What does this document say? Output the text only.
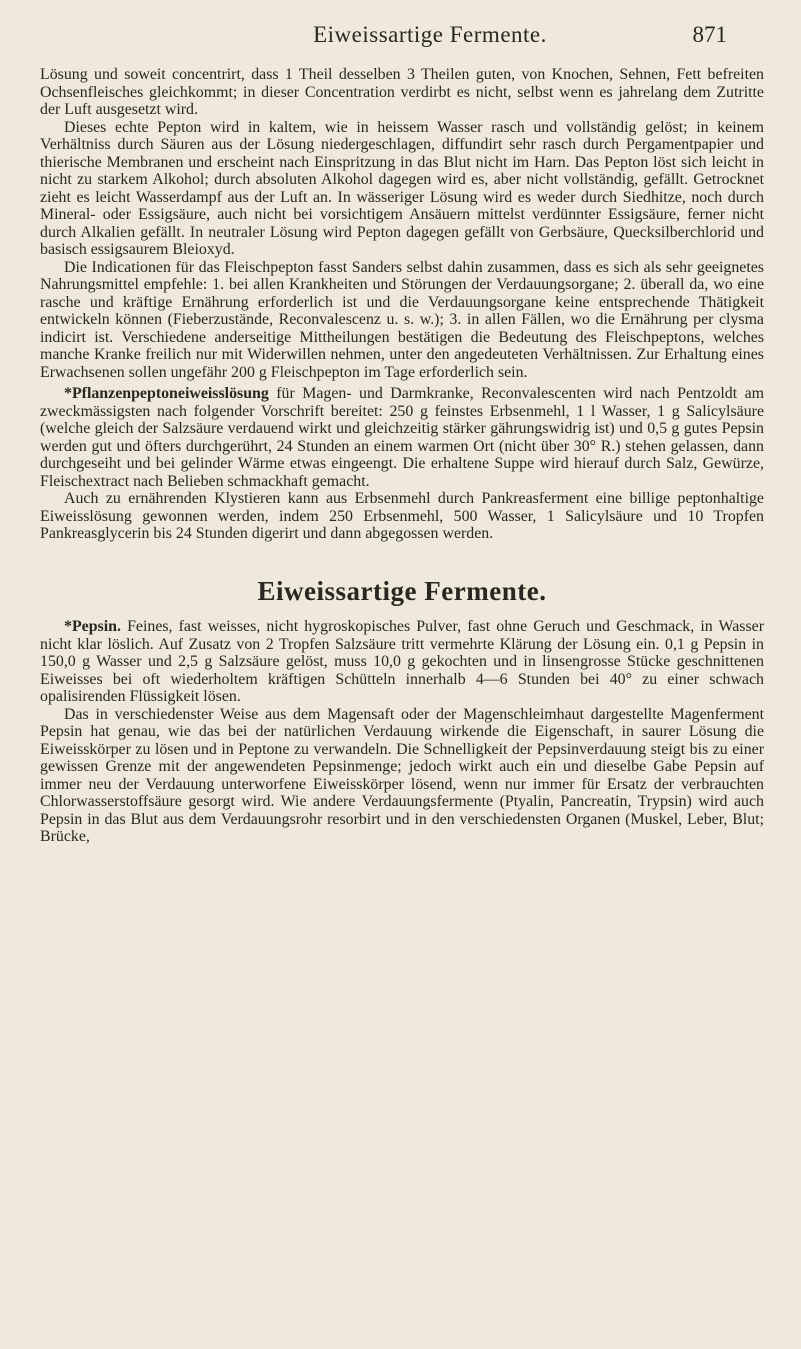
Eiweissartige Fermente.	871

Lösung und soweit concentrirt, dass 1 Theil desselben 3 Theilen guten, von Knochen, Sehnen, Fett befreiten Ochsenfleisches gleichkommt; in dieser Concentration verdirbt es nicht, selbst wenn es jahrelang dem Zutritte der Luft ausgesetzt wird.

Dieses echte Pepton wird in kaltem, wie in heissem Wasser rasch und vollständig gelöst; in keinem Verhältniss durch Säuren aus der Lösung niedergeschlagen, diffundirt sehr rasch durch Pergamentpapier und thierische Membranen und erscheint nach Einspritzung in das Blut nicht im Harn. Das Pepton löst sich leicht in nicht zu starkem Alkohol; durch absoluten Alkohol dagegen wird es, aber nicht vollständig, gefällt. Getrocknet zieht es leicht Wasserdampf aus der Luft an. In wässeriger Lösung wird es weder durch Siedhitze, noch durch Mineral- oder Essigsäure, auch nicht bei vorsichtigem Ansäuern mittelst verdünnter Essigsäure, ferner nicht durch Alkalien gefällt. In neutraler Lösung wird Pepton dagegen gefällt von Gerbsäure, Quecksilberchlorid und basisch essigsaurem Bleioxyd.

Die Indicationen für das Fleischpepton fasst Sanders selbst dahin zusammen, dass es sich als sehr geeignetes Nahrungsmittel empfehle: 1. bei allen Krankheiten und Störungen der Verdauungsorgane; 2. überall da, wo eine rasche und kräftige Ernährung erforderlich ist und die Verdauungsorgane keine entsprechende Thätigkeit entwickeln können (Fieberzustände, Reconvalescenz u. s. w.); 3. in allen Fällen, wo die Ernährung per clysma indicirt ist. Verschiedene anderseitige Mittheilungen bestätigen die Bedeutung des Fleischpeptons, welches manche Kranke freilich nur mit Widerwillen nehmen, unter den angedeuteten Verhältnissen. Zur Erhaltung eines Erwachsenen sollen ungefähr 200 g Fleischpepton im Tage erforderlich sein.

*Pflanzenpeptoneiweisslösung für Magen- und Darmkranke, Reconvalescenten wird nach Pentzoldt am zweckmässigsten nach folgender Vorschrift bereitet: 250 g feinstes Erbsenmehl, 1 l Wasser, 1 g Salicylsäure (welche gleich der Salzsäure verdauend wirkt und gleichzeitig stärker gährungswidrig ist) und 0,5 g gutes Pepsin werden gut und öfters durchgerührt, 24 Stunden an einem warmen Ort (nicht über 30° R.) stehen gelassen, dann durchgeseiht und bei gelinder Wärme etwas eingeengt. Die erhaltene Suppe wird hierauf durch Salz, Gewürze, Fleischextract nach Belieben schmackhaft gemacht.

Auch zu ernährenden Klystieren kann aus Erbsenmehl durch Pankreasferment eine billige peptonhaltige Eiweisslösung gewonnen werden, indem 250 Erbsenmehl, 500 Wasser, 1 Salicylsäure und 10 Tropfen Pankreasglycerin bis 24 Stunden digerirt und dann abgegossen werden.

Eiweissartige Fermente.

*Pepsin. Feines, fast weisses, nicht hygroskopisches Pulver, fast ohne Geruch und Geschmack, in Wasser nicht klar löslich. Auf Zusatz von 2 Tropfen Salzsäure tritt vermehrte Klärung der Lösung ein. 0,1 g Pepsin in 150,0 g Wasser und 2,5 g Salzsäure gelöst, muss 10,0 g gekochten und in linsengrosse Stücke geschnittenen Eiweisses bei oft wiederholtem kräftigen Schütteln innerhalb 4—6 Stunden bei 40° zu einer schwach opalisirenden Flüssigkeit lösen.

Das in verschiedenster Weise aus dem Magensaft oder der Magenschleimhaut dargestellte Magenferment Pepsin hat genau, wie das bei der natürlichen Verdauung wirkende die Eigenschaft, in saurer Lösung die Eiweisskörper zu lösen und in Peptone zu verwandeln. Die Schnelligkeit der Pepsinverdauung steigt bis zu einer gewissen Grenze mit der angewendeten Pepsinmenge; jedoch wirkt auch ein und dieselbe Gabe Pepsin auf immer neu der Verdauung unterworfene Eiweisskörper lösend, wenn nur immer für Ersatz der verbrauchten Chlorwasserstoffsäure gesorgt wird. Wie andere Verdauungsfermente (Ptyalin, Pancreatin, Trypsin) wird auch Pepsin in das Blut aus dem Verdauungsrohr resorbirt und in den verschiedensten Organen (Muskel, Leber, Blut; Brücke,
